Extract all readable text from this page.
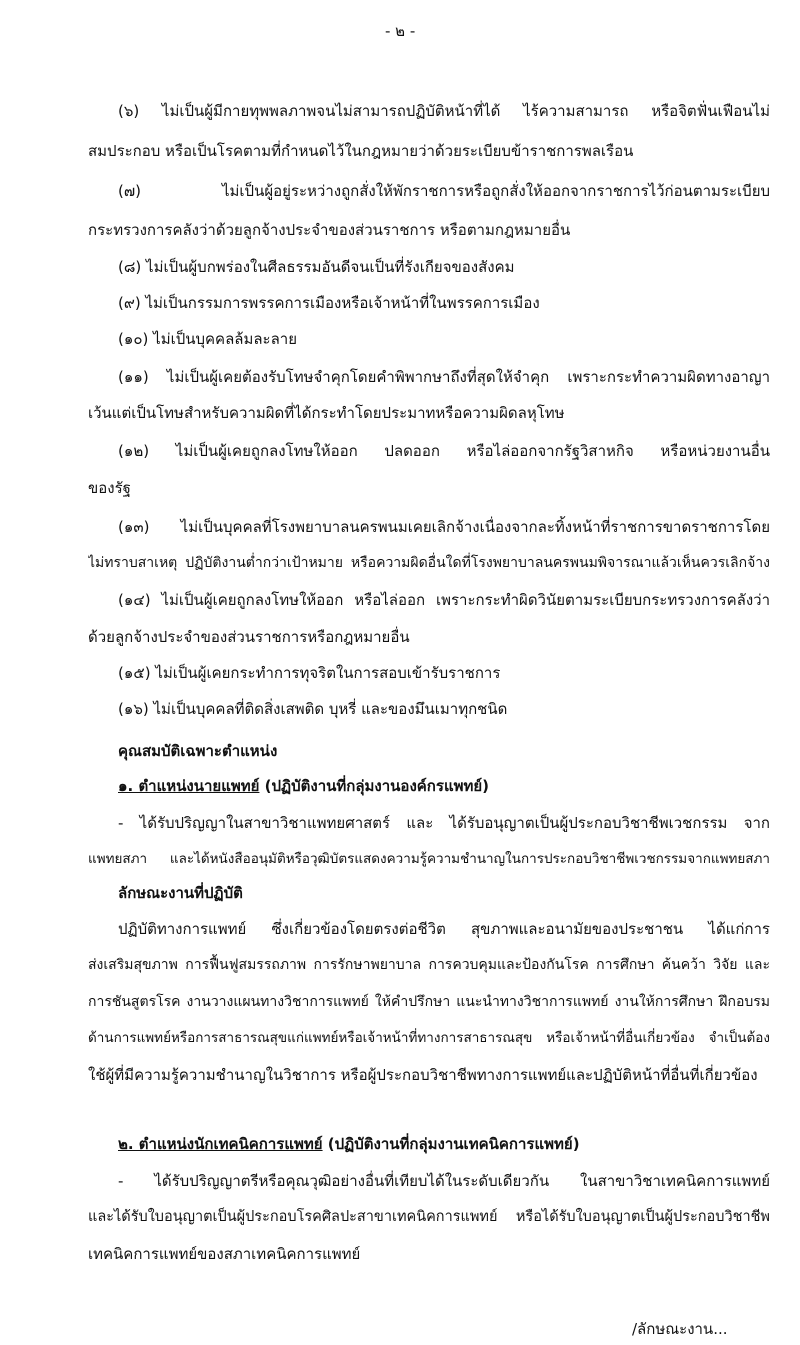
- ๒ -
(๖) ไม่เป็นผู้มีกายทุพพลภาพจนไม่สามารถปฏิบัติหน้าที่ได้ ไร้ความสามารถ หรือจิตฟั่นเฟือนไม่
สมประกอบ หรือเป็นโรคตามที่กำหนดไว้ในกฎหมายว่าด้วยระเบียบข้าราชการพลเรือน
(๗) ไม่เป็นผู้อยู่ระหว่างถูกสั่งให้พักราชการหรือถูกสั่งให้ออกจากราชการไว้ก่อนตามระเบียบ
กระทรวงการคลังว่าด้วยลูกจ้างประจำของส่วนราชการ หรือตามกฎหมายอื่น
(๘) ไม่เป็นผู้บกพร่องในศีลธรรมอันดีจนเป็นที่รังเกียจของสังคม
(๙) ไม่เป็นกรรมการพรรคการเมืองหรือเจ้าหน้าที่ในพรรคการเมือง
(๑๐) ไม่เป็นบุคคลล้มละลาย
(๑๑) ไม่เป็นผู้เคยต้องรับโทษจำคุกโดยคำพิพากษาถึงที่สุดให้จำคุก เพราะกระทำความผิดทางอาญา
เว้นแต่เป็นโทษสำหรับความผิดที่ได้กระทำโดยประมาทหรือความผิดลหุโทษ
(๑๒) ไม่เป็นผู้เคยถูกลงโทษให้ออก ปลดออก หรือไล่ออกจากรัฐวิสาหกิจ หรือหน่วยงานอื่น
ของรัฐ
(๑๓) ไม่เป็นบุคคลที่โรงพยาบาลนครพนมเคยเลิกจ้างเนื่องจากละทิ้งหน้าที่ราชการขาดราชการโดย
ไม่ทราบสาเหตุ ปฏิบัติงานต่ำกว่าเป้าหมาย หรือความผิดอื่นใดที่โรงพยาบาลนครพนมพิจารณาแล้วเห็นควรเลิกจ้าง
(๑๔) ไม่เป็นผู้เคยถูกลงโทษให้ออก หรือไล่ออก เพราะกระทำผิดวินัยตามระเบียบกระทรวงการคลังว่า
ด้วยลูกจ้างประจำของส่วนราชการหรือกฎหมายอื่น
(๑๕) ไม่เป็นผู้เคยกระทำการทุจริตในการสอบเข้ารับราชการ
(๑๖) ไม่เป็นบุคคลที่ติดสิ่งเสพติด บุหรี่ และของมึนเมาทุกชนิด
คุณสมบัติเฉพาะตำแหน่ง
๑. ตำแหน่งนายแพทย์ (ปฏิบัติงานที่กลุ่มงานองค์กรแพทย์)
- ได้รับปริญญาในสาขาวิชาแพทยศาสตร์ และ ได้รับอนุญาตเป็นผู้ประกอบวิชาชีพเวชกรรม จาก
แพทยสภา และได้หนังสืออนุมัติหรือวุฒิบัตรแสดงความรู้ความชำนาญในการประกอบวิชาชีพเวชกรรมจากแพทยสภา
ลักษณะงานที่ปฏิบัติ
ปฏิบัติทางการแพทย์ ซึ่งเกี่ยวข้องโดยตรงต่อชีวิต สุขภาพและอนามัยของประชาชน ได้แก่การ
ส่งเสริมสุขภาพ การฟื้นฟูสมรรถภาพ การรักษาพยาบาล การควบคุมและป้องกันโรค การศึกษา ค้นคว้า วิจัย และ
การชันสูตรโรค งานวางแผนทางวิชาการแพทย์ ให้คำปรึกษา แนะนำทางวิชาการแพทย์ งานให้การศึกษา ฝึกอบรม
ด้านการแพทย์หรือการสาธารณสุขแก่แพทย์หรือเจ้าหน้าที่ทางการสาธารณสุข หรือเจ้าหน้าที่อื่นเกี่ยวข้อง จำเป็นต้อง
ใช้ผู้ที่มีความรู้ความชำนาญในวิชาการ หรือผู้ประกอบวิชาชีพทางการแพทย์และปฏิบัติหน้าที่อื่นที่เกี่ยวข้อง
๒. ตำแหน่งนักเทคนิคการแพทย์ (ปฏิบัติงานที่กลุ่มงานเทคนิคการแพทย์)
- ได้รับปริญญาตรีหรือคุณวุฒิอย่างอื่นที่เทียบได้ในระดับเดียวกัน ในสาขาวิชาเทคนิคการแพทย์
และได้รับใบอนุญาตเป็นผู้ประกอบโรคศิลปะสาขาเทคนิคการแพทย์ หรือได้รับใบอนุญาตเป็นผู้ประกอบวิชาชีพ
เทคนิคการแพทย์ของสภาเทคนิคการแพทย์
/ลักษณะงาน...
